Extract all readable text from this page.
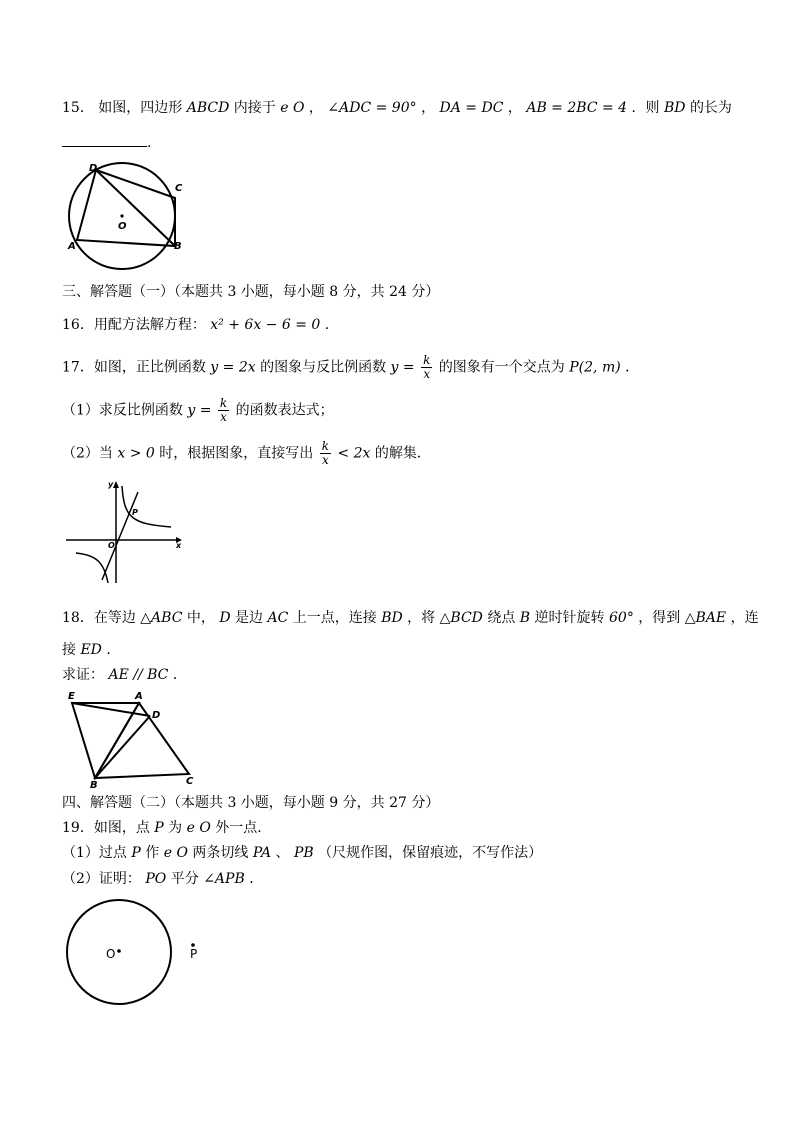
15． 如图，四边形 ABCD 内接于 e O ， ∠ADC = 90° ， DA = DC ， AB = 2BC = 4 ．则 BD 的长为
.
D
C
A	B
O
三、解答题（一）（本题共 3 小题，每小题 8 分，共 24 分）
16．用配方法解方程： x² + 6x − 6 = 0 ．
17．如图，正比例函数 y = 2x 的图象与反比例函数 $y = \frac{k}{x}$ 的图象有一个交点为 P(2, m) ．
（1）求反比例函数 $y = \frac{k}{x}$ 的函数表达式；
（2）当 x > 0 时，根据图象，直接写出 $\frac{k}{x} < 2x$ 的解集．
y
x
O
P
18．在等边 △ABC 中， D 是边 AC 上一点，连接 BD ，将 △BCD 绕点 B 逆时针旋转 60° ，得到 △BAE ，连
接 ED ．
求证： AE // BC ．
E	A
D
B	C
四、解答题（二）（本题共 3 小题，每小题 9 分，共 27 分）
19．如图，点 P 为 e O 外一点．
（1）过点 P 作 e O 两条切线 PA 、 PB （尺规作图，保留痕迹，不写作法）
（2）证明： PO 平分 ∠APB ．
O	P
